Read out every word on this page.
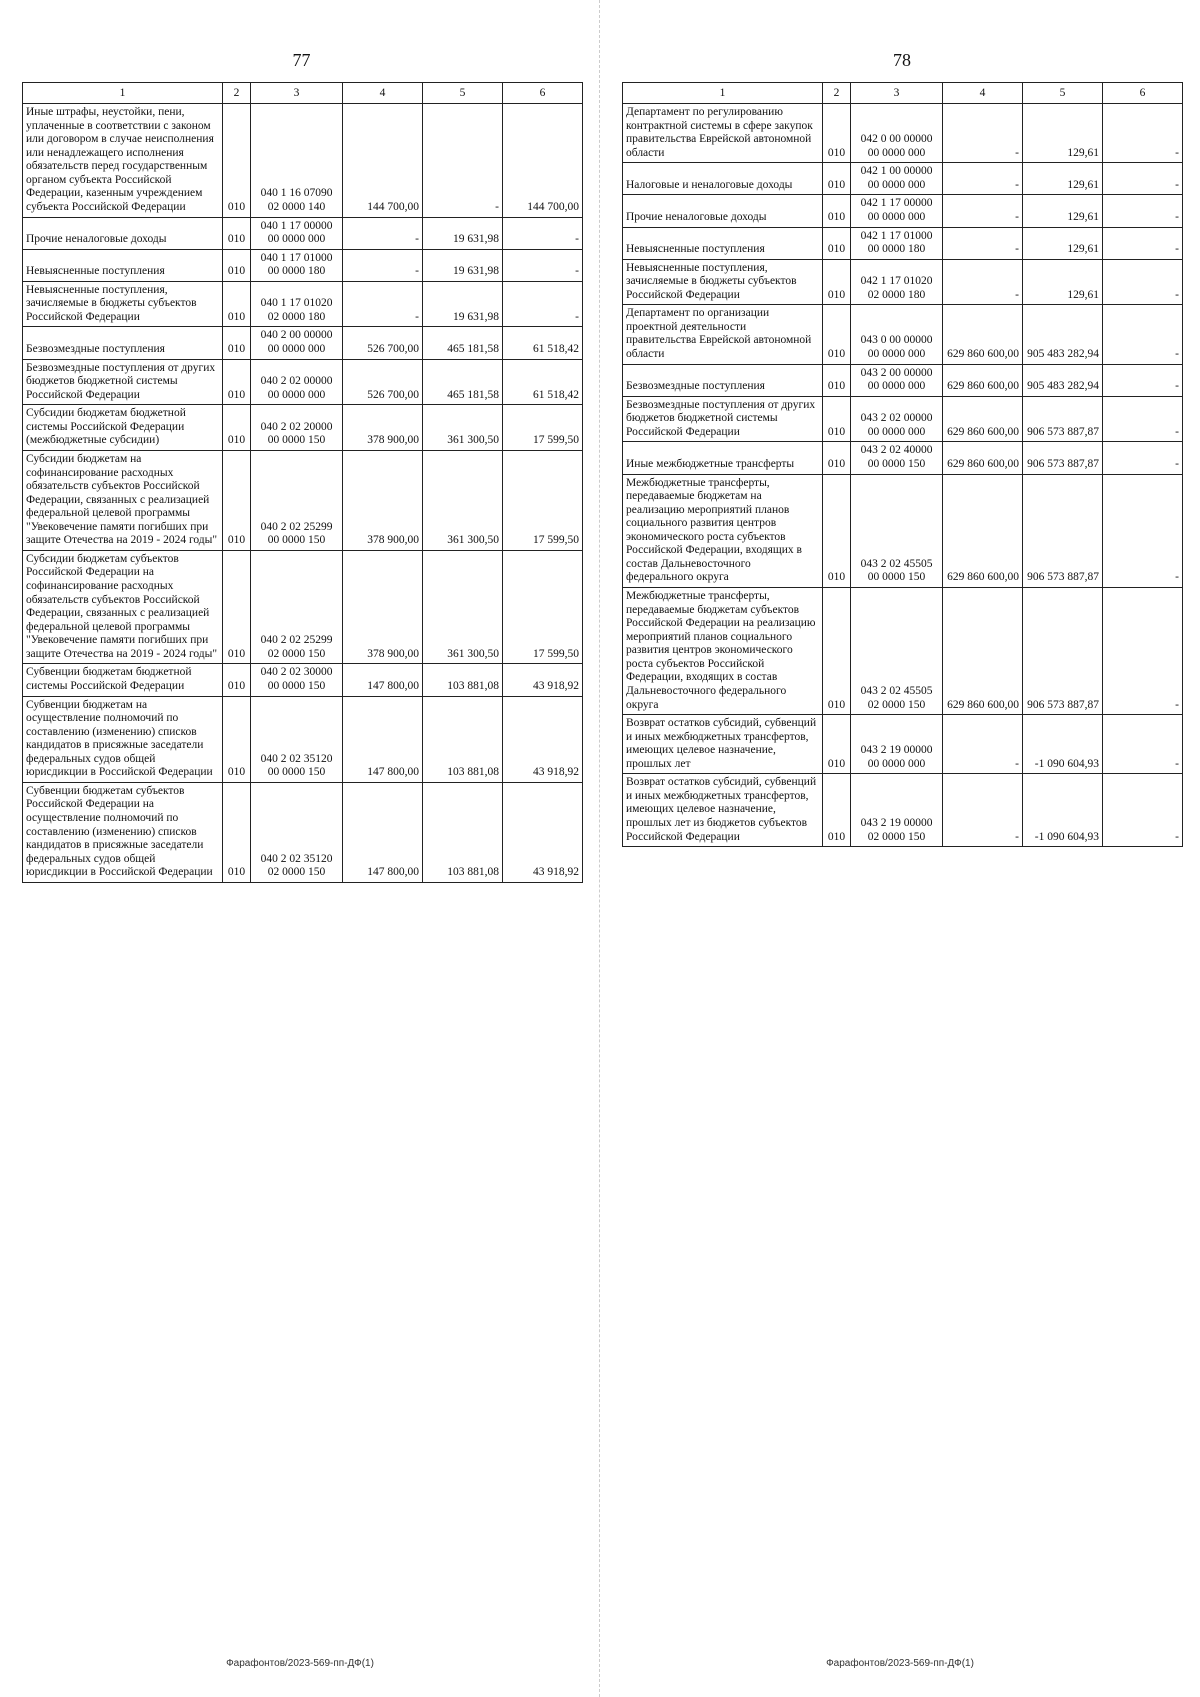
77
1	2	3	4	5	6
Иные штрафы, неустойки, пени, уплаченные в соответствии с законом или договором в случае неисполнения или ненадлежащего исполнения обязательств перед государственным органом субъекта Российской Федерации, казенным учреждением субъекта Российской Федерации	010	040 1 16 07090 02 0000 140	144 700,00	-	144 700,00
Прочие неналоговые доходы	010	040 1 17 00000 00 0000 000	-	19 631,98	-
Невыясненные поступления	010	040 1 17 01000 00 0000 180	-	19 631,98	-
Невыясненные поступления, зачисляемые в бюджеты субъектов Российской Федерации	010	040 1 17 01020 02 0000 180	-	19 631,98	-
Безвозмездные поступления	010	040 2 00 00000 00 0000 000	526 700,00	465 181,58	61 518,42
Безвозмездные поступления от других бюджетов бюджетной системы Российской Федерации	010	040 2 02 00000 00 0000 000	526 700,00	465 181,58	61 518,42
Субсидии бюджетам бюджетной системы Российской Федерации (межбюджетные субсидии)	010	040 2 02 20000 00 0000 150	378 900,00	361 300,50	17 599,50
Субсидии бюджетам на софинансирование расходных обязательств субъектов Российской Федерации, связанных с реализацией федеральной целевой программы "Увековечение памяти погибших при защите Отечества на 2019 - 2024 годы"	010	040 2 02 25299 00 0000 150	378 900,00	361 300,50	17 599,50
Субсидии бюджетам субъектов Российской Федерации на софинансирование расходных обязательств субъектов Российской Федерации, связанных с реализацией федеральной целевой программы "Увековечение памяти погибших при защите Отечества на 2019 - 2024 годы"	010	040 2 02 25299 02 0000 150	378 900,00	361 300,50	17 599,50
Субвенции бюджетам бюджетной системы Российской Федерации	010	040 2 02 30000 00 0000 150	147 800,00	103 881,08	43 918,92
Субвенции бюджетам на осуществление полномочий по составлению (изменению) списков кандидатов в присяжные заседатели федеральных судов общей юрисдикции в Российской Федерации	010	040 2 02 35120 00 0000 150	147 800,00	103 881,08	43 918,92
Субвенции бюджетам субъектов Российской Федерации на осуществление полномочий по составлению (изменению) списков кандидатов в присяжные заседатели федеральных судов общей юрисдикции в Российской Федерации	010	040 2 02 35120 02 0000 150	147 800,00	103 881,08	43 918,92
Фарафонтов/2023-569-пп-ДФ(1)
78
1	2	3	4	5	6
Департамент по регулированию контрактной системы в сфере закупок правительства Еврейской автономной области	010	042 0 00 00000 00 0000 000	-	129,61	-
Налоговые и неналоговые доходы	010	042 1 00 00000 00 0000 000	-	129,61	-
Прочие неналоговые доходы	010	042 1 17 00000 00 0000 000	-	129,61	-
Невыясненные поступления	010	042 1 17 01000 00 0000 180	-	129,61	-
Невыясненные поступления, зачисляемые в бюджеты субъектов Российской Федерации	010	042 1 17 01020 02 0000 180	-	129,61	-
Департамент по организации проектной деятельности правительства Еврейской автономной области	010	043 0 00 00000 00 0000 000	629 860 600,00	905 483 282,94	-
Безвозмездные поступления	010	043 2 00 00000 00 0000 000	629 860 600,00	905 483 282,94	-
Безвозмездные поступления от других бюджетов бюджетной системы Российской Федерации	010	043 2 02 00000 00 0000 000	629 860 600,00	906 573 887,87	-
Иные межбюджетные трансферты	010	043 2 02 40000 00 0000 150	629 860 600,00	906 573 887,87	-
Межбюджетные трансферты, передаваемые бюджетам на реализацию мероприятий планов социального развития центров экономического роста субъектов Российской Федерации, входящих в состав Дальневосточного федерального округа	010	043 2 02 45505 00 0000 150	629 860 600,00	906 573 887,87	-
Межбюджетные трансферты, передаваемые бюджетам субъектов Российской Федерации на реализацию мероприятий планов социального развития центров экономического роста субъектов Российской Федерации, входящих в состав Дальневосточного федерального округа	010	043 2 02 45505 02 0000 150	629 860 600,00	906 573 887,87	-
Возврат остатков субсидий, субвенций и иных межбюджетных трансфертов, имеющих целевое назначение, прошлых лет	010	043 2 19 00000 00 0000 000	-	-1 090 604,93	-
Возврат остатков субсидий, субвенций и иных межбюджетных трансфертов, имеющих целевое назначение, прошлых лет из бюджетов субъектов Российской Федерации	010	043 2 19 00000 02 0000 150	-	-1 090 604,93	-
Фарафонтов/2023-569-пп-ДФ(1)
